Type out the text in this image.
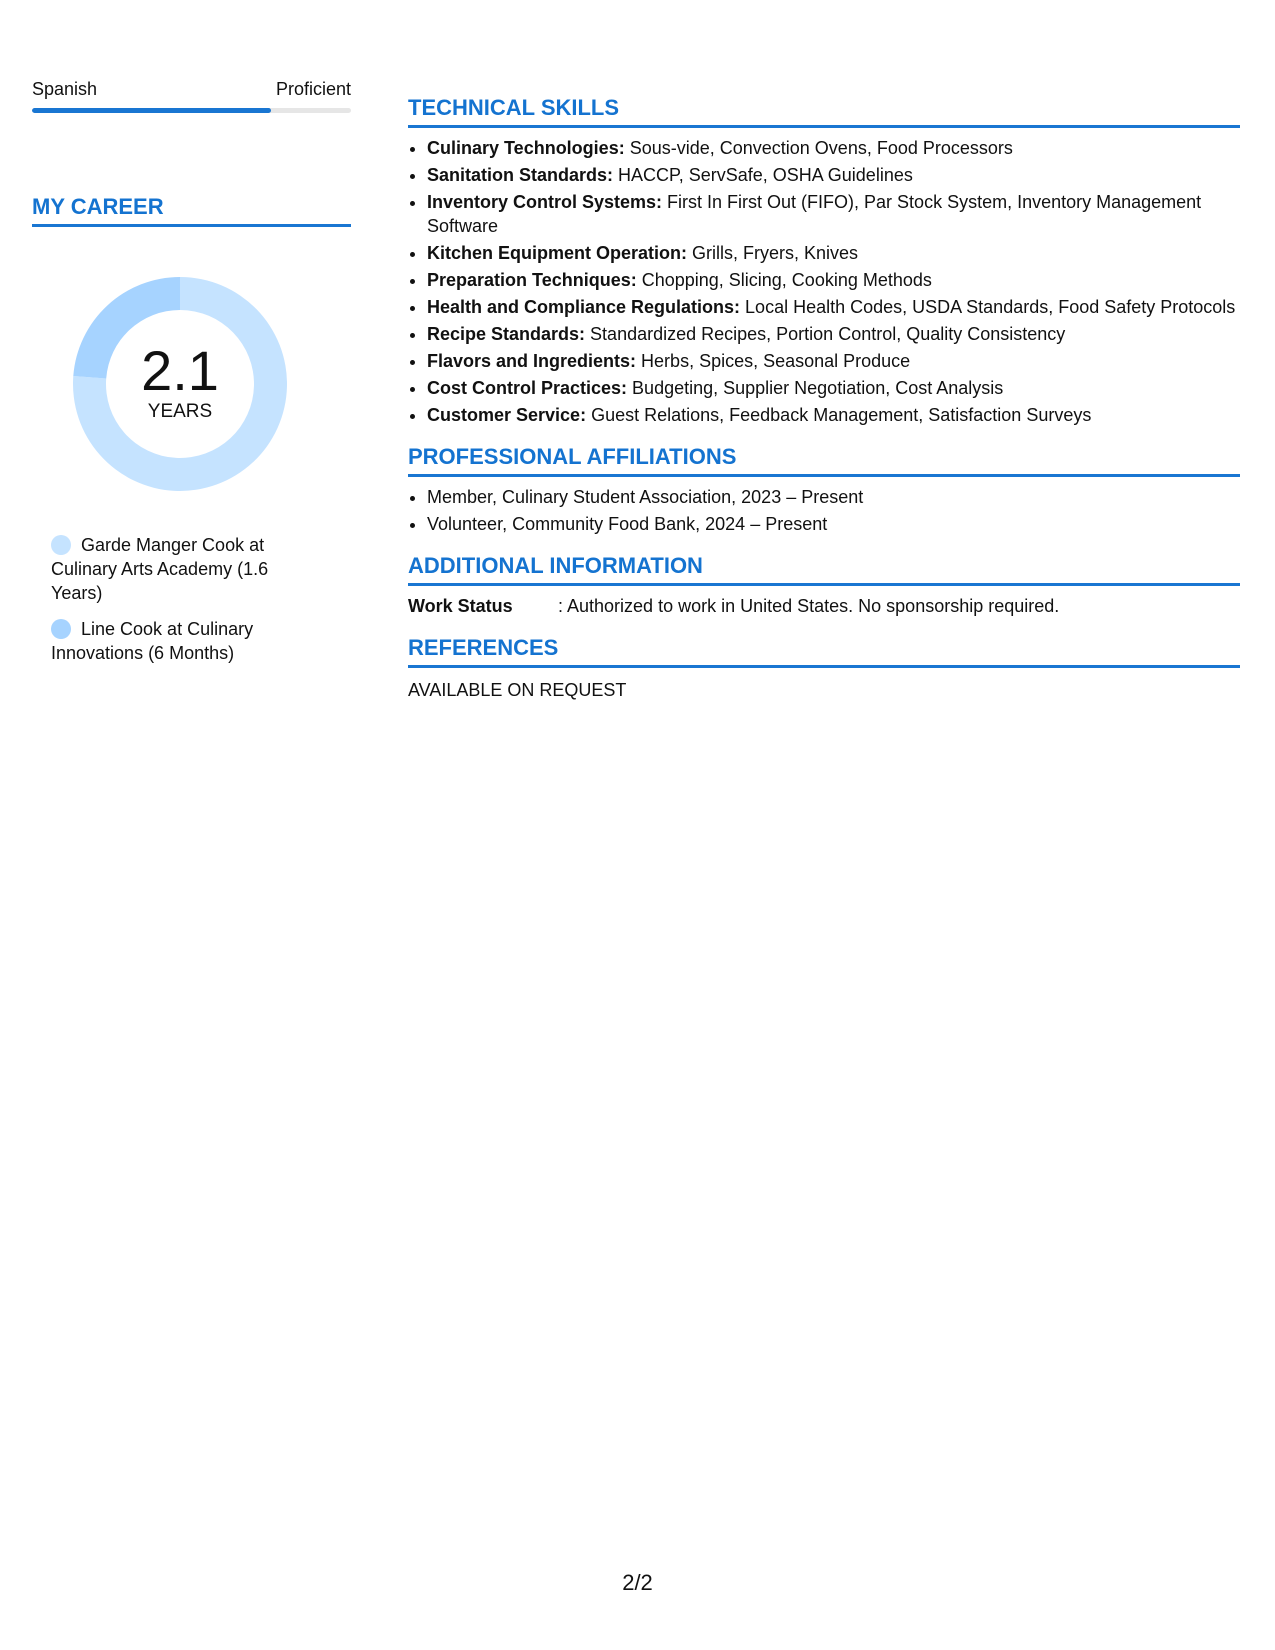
Spanish	Proficient
MY CAREER
2.1
YEARS
Garde Manger Cook at Culinary Arts Academy (1.6 Years)
Line Cook at Culinary Innovations (6 Months)
TECHNICAL SKILLS
• Culinary Technologies: Sous-vide, Convection Ovens, Food Processors
• Sanitation Standards: HACCP, ServSafe, OSHA Guidelines
• Inventory Control Systems: First In First Out (FIFO), Par Stock System, Inventory Management Software
• Kitchen Equipment Operation: Grills, Fryers, Knives
• Preparation Techniques: Chopping, Slicing, Cooking Methods
• Health and Compliance Regulations: Local Health Codes, USDA Standards, Food Safety Protocols
• Recipe Standards: Standardized Recipes, Portion Control, Quality Consistency
• Flavors and Ingredients: Herbs, Spices, Seasonal Produce
• Cost Control Practices: Budgeting, Supplier Negotiation, Cost Analysis
• Customer Service: Guest Relations, Feedback Management, Satisfaction Surveys
PROFESSIONAL AFFILIATIONS
• Member, Culinary Student Association, 2023 – Present
• Volunteer, Community Food Bank, 2024 – Present
ADDITIONAL INFORMATION
Work Status	: Authorized to work in United States. No sponsorship required.
REFERENCES
AVAILABLE ON REQUEST
2/2
